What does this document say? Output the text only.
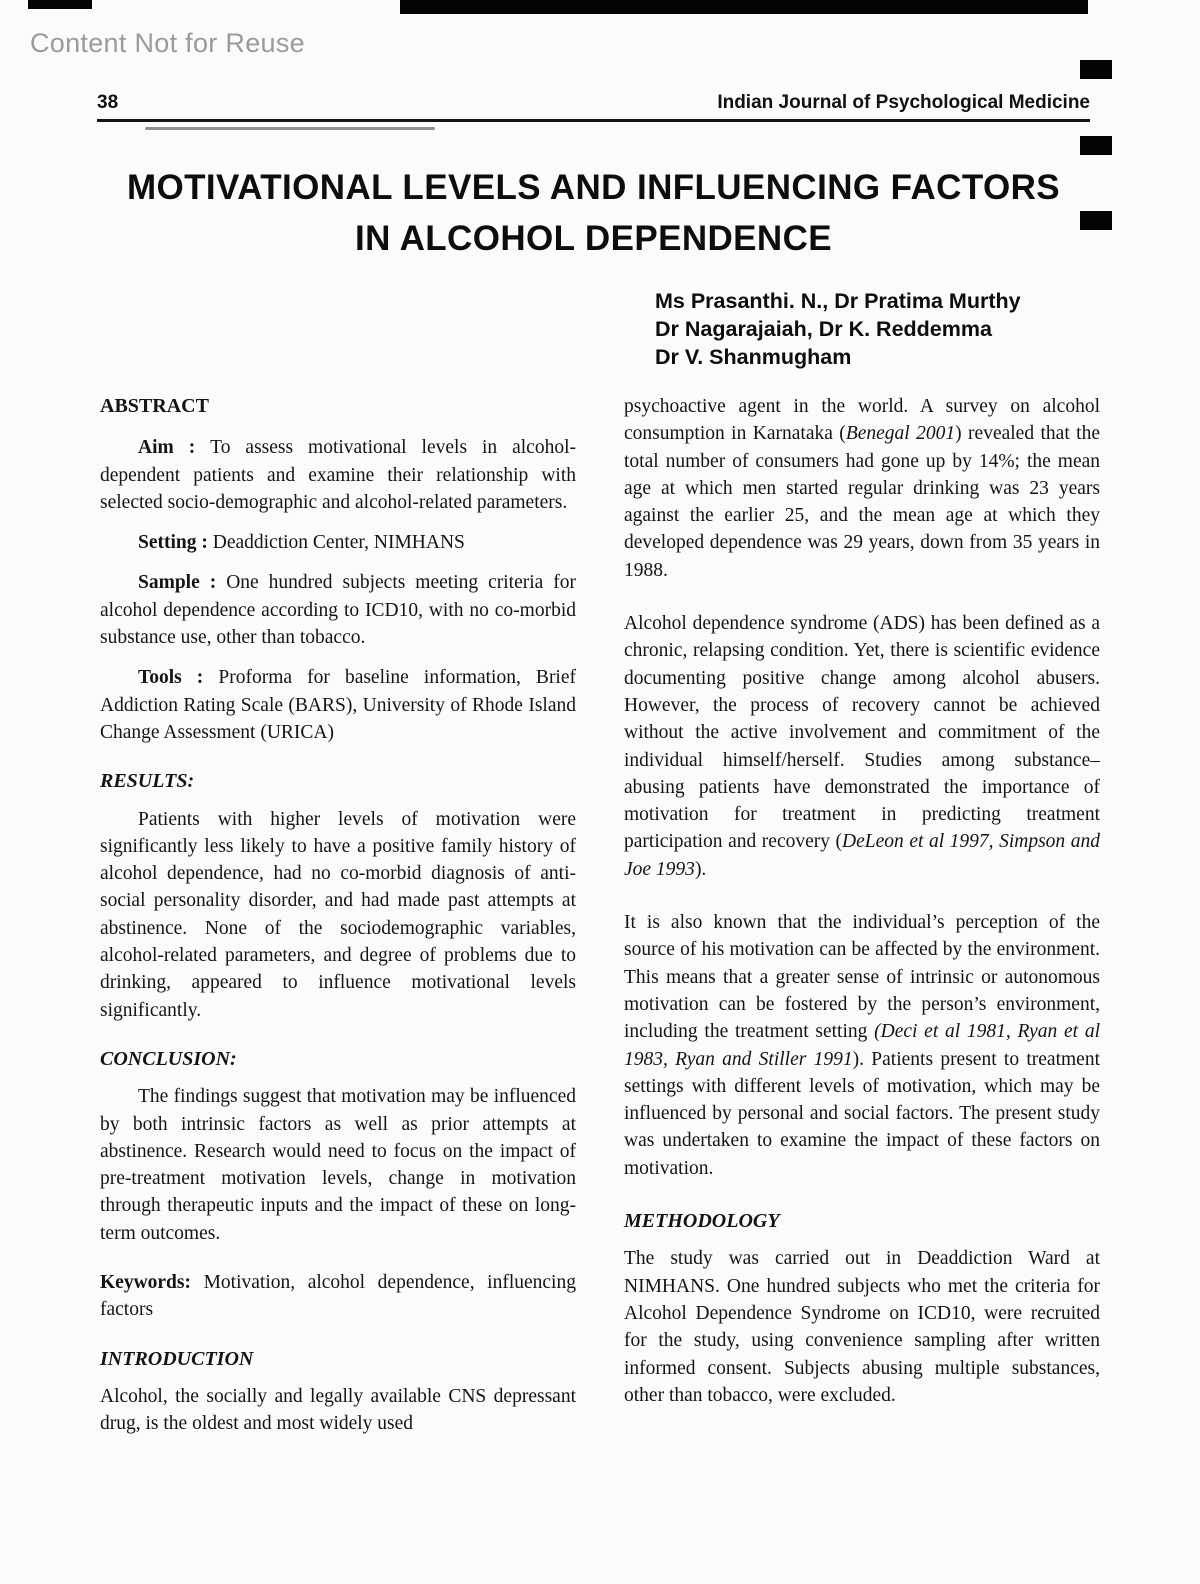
Content Not for Reuse
38	Indian Journal of Psychological Medicine
MOTIVATIONAL LEVELS AND INFLUENCING FACTORS
IN ALCOHOL DEPENDENCE
Ms Prasanthi. N., Dr Pratima Murthy
Dr Nagarajaiah, Dr K. Reddemma
Dr V. Shanmugham
ABSTRACT

Aim : To assess motivational levels in alcohol-dependent patients and examine their relationship with selected socio-demographic and alcohol-related parameters.

Setting : Deaddiction Center, NIMHANS

Sample : One hundred subjects meeting criteria for alcohol dependence according to ICD10, with no co-morbid substance use, other than tobacco.

Tools : Proforma for baseline information, Brief Addiction Rating Scale (BARS), University of Rhode Island Change Assessment (URICA)

RESULTS:

Patients with higher levels of motivation were significantly less likely to have a positive family history of alcohol dependence, had no co-morbid diagnosis of anti-social personality disorder, and had made past attempts at abstinence. None of the sociodemographic variables, alcohol-related parameters, and degree of problems due to drinking, appeared to influence motivational levels significantly.

CONCLUSION:

The findings suggest that motivation may be influenced by both intrinsic factors as well as prior attempts at abstinence. Research would need to focus on the impact of pre-treatment motivation levels, change in motivation through therapeutic inputs and the impact of these on long-term outcomes.

Keywords: Motivation, alcohol dependence, influencing factors

INTRODUCTION

Alcohol, the socially and legally available CNS depressant drug, is the oldest and most widely used

psychoactive agent in the world. A survey on alcohol consumption in Karnataka (Benegal 2001) revealed that the total number of consumers had gone up by 14%; the mean age at which men started regular drinking was 23 years against the earlier 25, and the mean age at which they developed dependence was 29 years, down from 35 years in 1988.

Alcohol dependence syndrome (ADS) has been defined as a chronic, relapsing condition. Yet, there is scientific evidence documenting positive change among alcohol abusers. However, the process of recovery cannot be achieved without the active involvement and commitment of the individual himself/herself. Studies among substance–abusing patients have demonstrated the importance of motivation for treatment in predicting treatment participation and recovery (DeLeon et al 1997, Simpson and Joe 1993).

It is also known that the individual’s perception of the source of his motivation can be affected by the environment. This means that a greater sense of intrinsic or autonomous motivation can be fostered by the person’s environment, including the treatment setting (Deci et al 1981, Ryan et al 1983, Ryan and Stiller 1991). Patients present to treatment settings with different levels of motivation, which may be influenced by personal and social factors. The present study was undertaken to examine the impact of these factors on motivation.

METHODOLOGY

The study was carried out in Deaddiction Ward at NIMHANS. One hundred subjects who met the criteria for Alcohol Dependence Syndrome on ICD10, were recruited for the study, using convenience sampling after written informed consent. Subjects abusing multiple substances, other than tobacco, were excluded.
